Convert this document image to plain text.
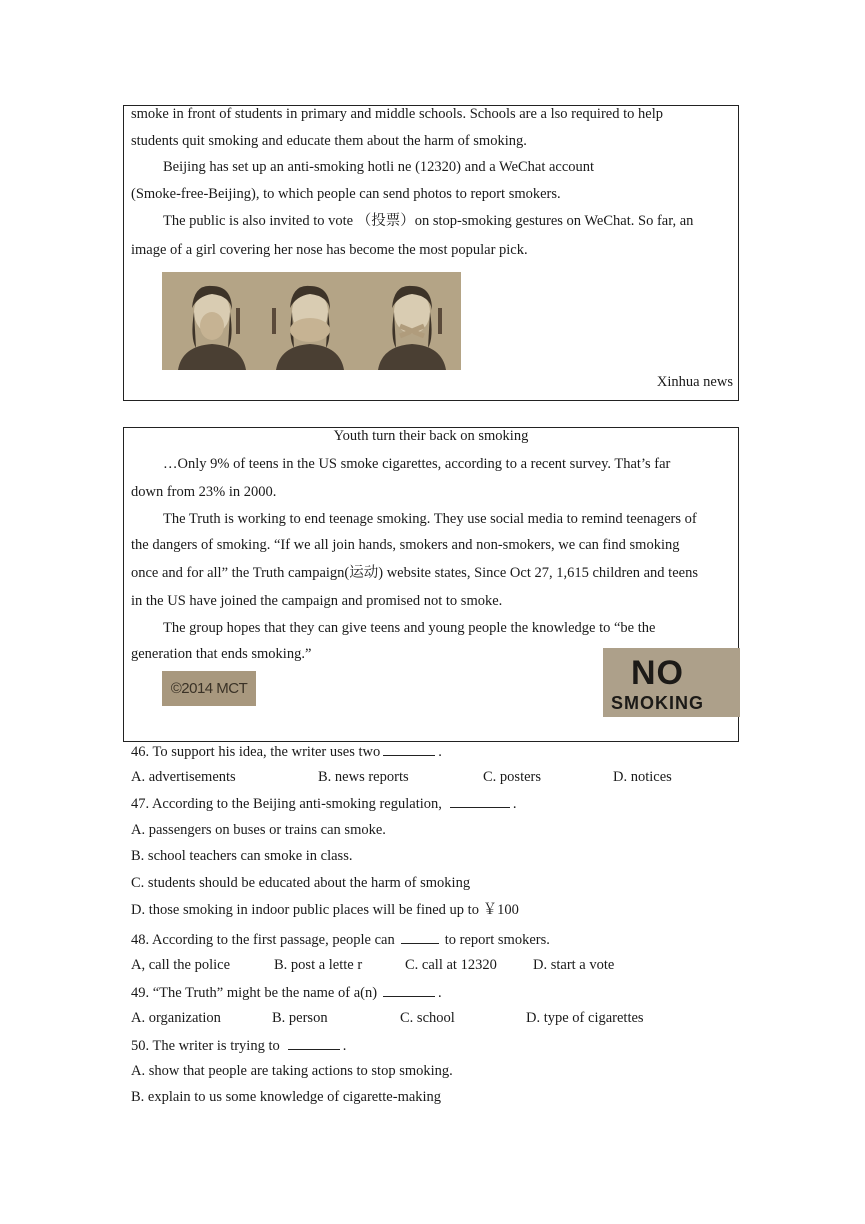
smoke in front of students in primary and middle schools. Schools are a lso required to help
students quit smoking and educate them about the harm of smoking.
Beijing has set up an anti-smoking hotli ne (12320) and a WeChat account
(Smoke-free-Beijing), to which people can send photos to report smokers.
The public is also invited to vote （投票）on stop-smoking gestures on WeChat. So far, an
image of a girl covering her nose has become the most popular pick.
Xinhua news
Youth turn their back on smoking
…Only 9% of teens in the US smoke cigarettes, according to a recent survey. That’s far
down from 23% in 2000.
The Truth is working to end teenage smoking. They use social media to remind teenagers of
the dangers of smoking. “If we all join hands, smokers and non-smokers, we can find smoking
once and for all” the Truth campaign(运动) website states, Since Oct 27, 1,615 children and teens
in the US have joined the campaign and promised not to smoke.
The group hopes that they can give teens and young people the knowledge to “be the
generation that ends smoking.”
©2014 MCT	NO
SMOKING
46. To support his idea, the writer uses two	.
A. advertisements	B. news reports	C. posters	D. notices
47. According to the Beijing anti-smoking regulation,	.
A. passengers on buses or trains can smoke.
B. school teachers can smoke in class.
C. students should be educated about the harm of smoking
D. those smoking in indoor public places will be fined up to ￥100
48. According to the first passage, people can	to report smokers.
A, call the police	B. post a lette r	C. call at 12320 D. start a vote
49. “The Truth” might be the name of a(n)	.
A. organization	B. person	C. school	D. type of cigarettes
50. The writer is trying to	.
A. show that people are taking actions to stop smoking.
B. explain to us some knowledge of cigarette-making
